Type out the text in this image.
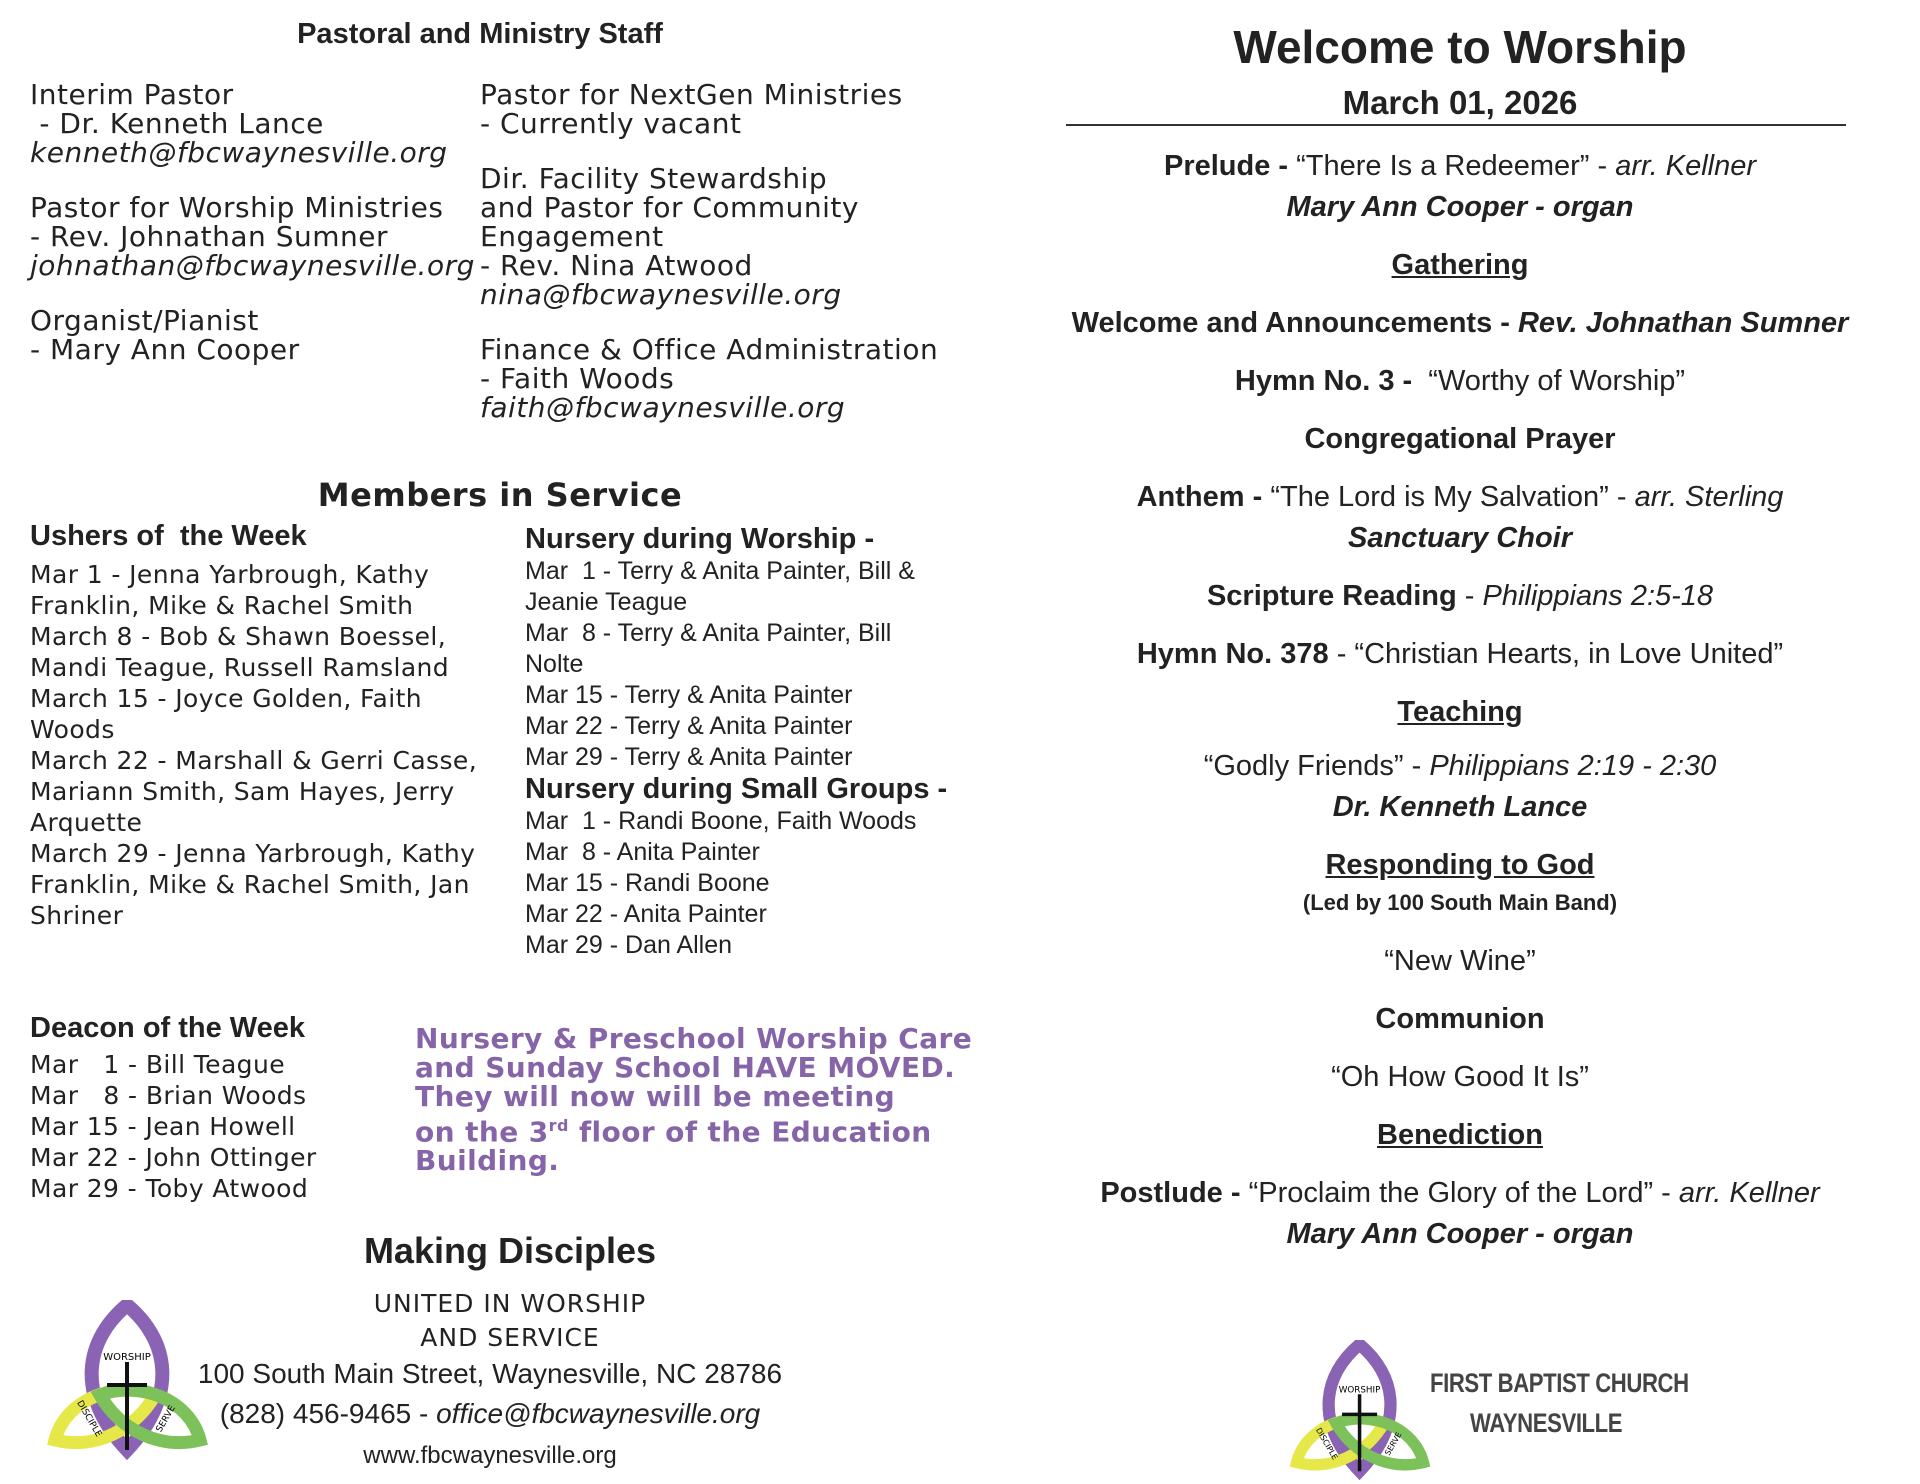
Pastoral and Ministry Staff
Interim Pastor
- Dr. Kenneth Lance
kenneth@fbcwaynesville.org
Pastor for Worship Ministries
- Rev. Johnathan Sumner
johnathan@fbcwaynesville.org
Organist/Pianist
- Mary Ann Cooper
Pastor for NextGen Ministries
- Currently vacant
Dir. Facility Stewardship
and Pastor for Community
Engagement
- Rev. Nina Atwood
nina@fbcwaynesville.org
Finance & Office Administration
- Faith Woods
faith@fbcwaynesville.org
Members in Service
Ushers of  the Week
Mar 1 - Jenna Yarbrough, Kathy
Franklin, Mike & Rachel Smith
March 8 - Bob & Shawn Boessel,
Mandi Teague, Russell Ramsland
March 15 - Joyce Golden, Faith
Woods
March 22 - Marshall & Gerri Casse,
Mariann Smith, Sam Hayes, Jerry
Arquette
March 29 - Jenna Yarbrough, Kathy
Franklin, Mike & Rachel Smith, Jan
Shriner
Nursery during Worship -
Mar  1 - Terry & Anita Painter, Bill &
Jeanie Teague
Mar  8 - Terry & Anita Painter, Bill
Nolte
Mar 15 - Terry & Anita Painter
Mar 22 - Terry & Anita Painter
Mar 29 - Terry & Anita Painter
Nursery during Small Groups -
Mar  1 - Randi Boone, Faith Woods
Mar  8 - Anita Painter
Mar 15 - Randi Boone
Mar 22 - Anita Painter
Mar 29 - Dan Allen
Deacon of the Week
Mar   1 - Bill Teague
Mar   8 - Brian Woods
Mar 15 - Jean Howell
Mar 22 - John Ottinger
Mar 29 - Toby Atwood
Nursery & Preschool Worship Care
and Sunday School HAVE MOVED.
They will now will be meeting
on the 3rd floor of the Education
Building.
Making Disciples
UNITED IN WORSHIP
AND SERVICE
WORSHIP
DISCIPLE	SERVE
100 South Main Street, Waynesville, NC 28786
(828) 456-9465 - office@fbcwaynesville.org
www.fbcwaynesville.org
Welcome to Worship
March 01, 2026
Prelude - “There Is a Redeemer” - arr. Kellner
Mary Ann Cooper - organ
Gathering
Welcome and Announcements - Rev. Johnathan Sumner
Hymn No. 3 -  “Worthy of Worship”
Congregational Prayer
Anthem - “The Lord is My Salvation” - arr. Sterling
Sanctuary Choir
Scripture Reading - Philippians 2:5-18
Hymn No. 378 - “Christian Hearts, in Love United”
Teaching
“Godly Friends” - Philippians 2:19 - 2:30
Dr. Kenneth Lance
Responding to God
(Led by 100 South Main Band)
“New Wine”
Communion
“Oh How Good It Is”
Benediction
Postlude - “Proclaim the Glory of the Lord” - arr. Kellner
Mary Ann Cooper - organ
WORSHIP
DISCIPLE	SERVE
FIRST BAPTIST CHURCH
WAYNESVILLE
